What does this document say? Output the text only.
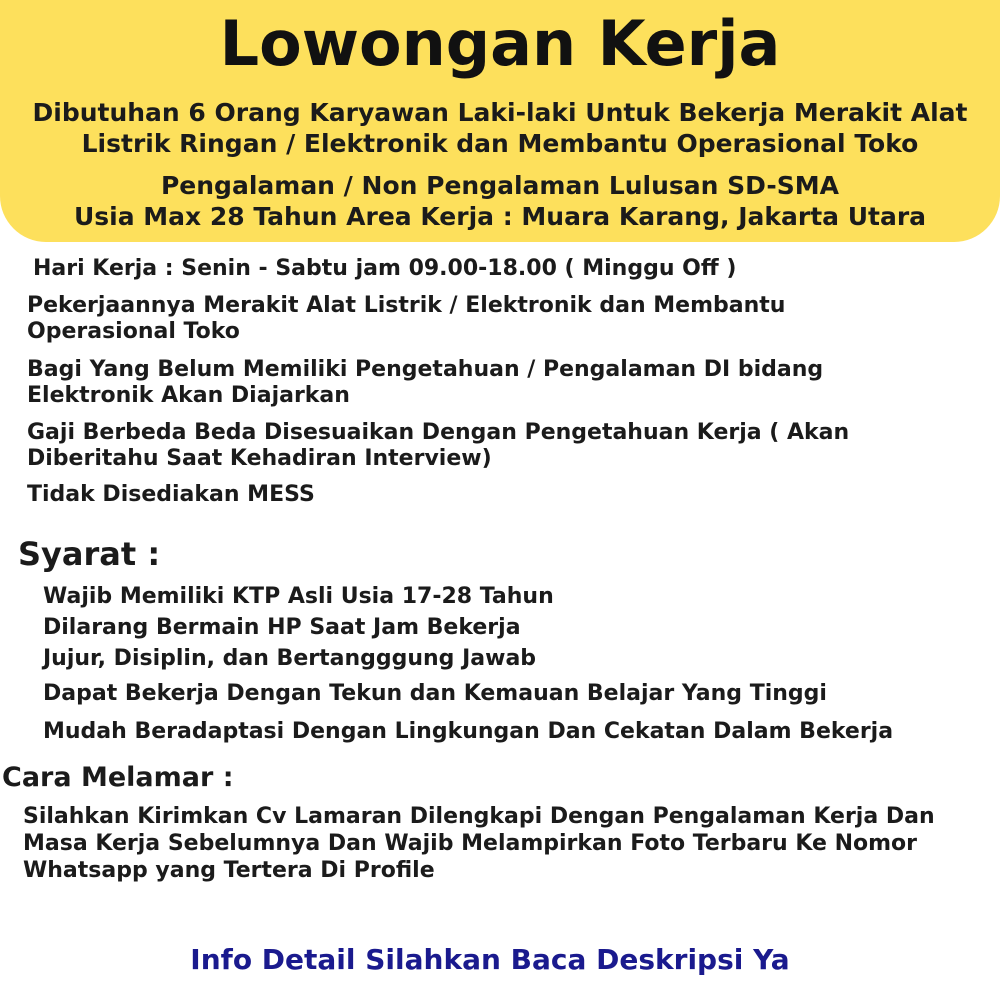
Lowongan Kerja
Dibutuhan 6 Orang Karyawan Laki-laki Untuk Bekerja Merakit Alat
Listrik Ringan / Elektronik dan Membantu Operasional Toko
Pengalaman / Non Pengalaman Lulusan SD-SMA
Usia Max 28 Tahun Area Kerja : Muara Karang, Jakarta Utara
Hari Kerja : Senin - Sabtu jam 09.00-18.00 ( Minggu Off )
Pekerjaannya Merakit Alat Listrik / Elektronik dan Membantu
Operasional Toko
Bagi Yang Belum Memiliki Pengetahuan / Pengalaman DI bidang
Elektronik Akan Diajarkan
Gaji Berbeda Beda Disesuaikan Dengan Pengetahuan Kerja ( Akan
Diberitahu Saat Kehadiran Interview)
Tidak Disediakan MESS
Syarat :
Wajib Memiliki KTP Asli Usia 17-28 Tahun
Dilarang Bermain HP Saat Jam Bekerja
Jujur, Disiplin, dan Bertangggung Jawab
Dapat Bekerja Dengan Tekun dan Kemauan Belajar Yang Tinggi
Mudah Beradaptasi Dengan Lingkungan Dan Cekatan Dalam Bekerja
Cara Melamar :
Silahkan Kirimkan Cv Lamaran Dilengkapi Dengan Pengalaman Kerja Dan
Masa Kerja Sebelumnya Dan Wajib Melampirkan Foto Terbaru Ke Nomor
Whatsapp yang Tertera Di Profile
Info Detail Silahkan Baca Deskripsi Ya
